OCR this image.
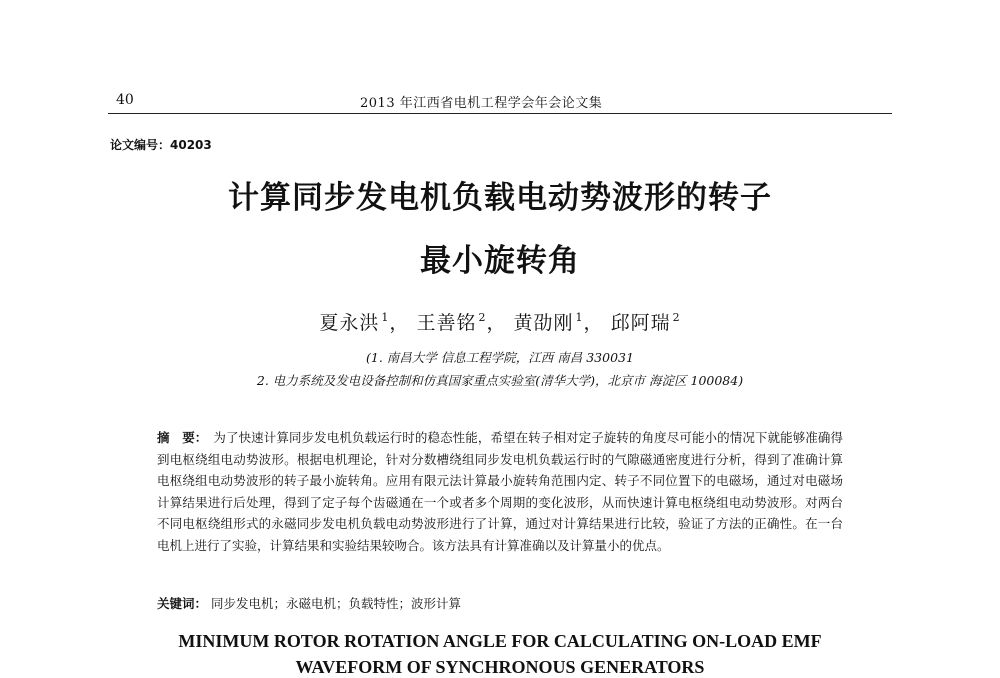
40	2013 年江西省电机工程学会年会论文集
论文编号：40203
计算同步发电机负载电动势波形的转子
最小旋转角
夏永洪 $^1$， 王善铭 $^2$， 黄劭刚 $^1$， 邱阿瑞 $^2$
(1. 南昌大学 信息工程学院，江西 南昌 330031
2. 电力系统及发电设备控制和仿真国家重点实验室(清华大学)，北京市 海淀区 100084)
摘　要： 为了快速计算同步发电机负载运行时的稳态性能，希望在转子相对定子旋转的角度尽可能小的情况下就能够准确得到电枢绕组电动势波形。根据电机理论，针对分数槽绕组同步发电机负载运行时的气隙磁通密度进行分析，得到了准确计算电枢绕组电动势波形的转子最小旋转角。应用有限元法计算最小旋转角范围内定、转子不同位置下的电磁场，通过对电磁场计算结果进行后处理，得到了定子每个齿磁通在一个或者多个周期的变化波形，从而快速计算电枢绕组电动势波形。对两台不同电枢绕组形式的永磁同步发电机负载电动势波形进行了计算，通过对计算结果进行比较，验证了方法的正确性。在一台电机上进行了实验，计算结果和实验结果较吻合。该方法具有计算准确以及计算量小的优点。
关键词： 同步发电机；永磁电机；负载特性；波形计算
MINIMUM ROTOR ROTATION ANGLE FOR CALCULATING ON-LOAD EMF
WAVEFORM OF SYNCHRONOUS GENERATORS
